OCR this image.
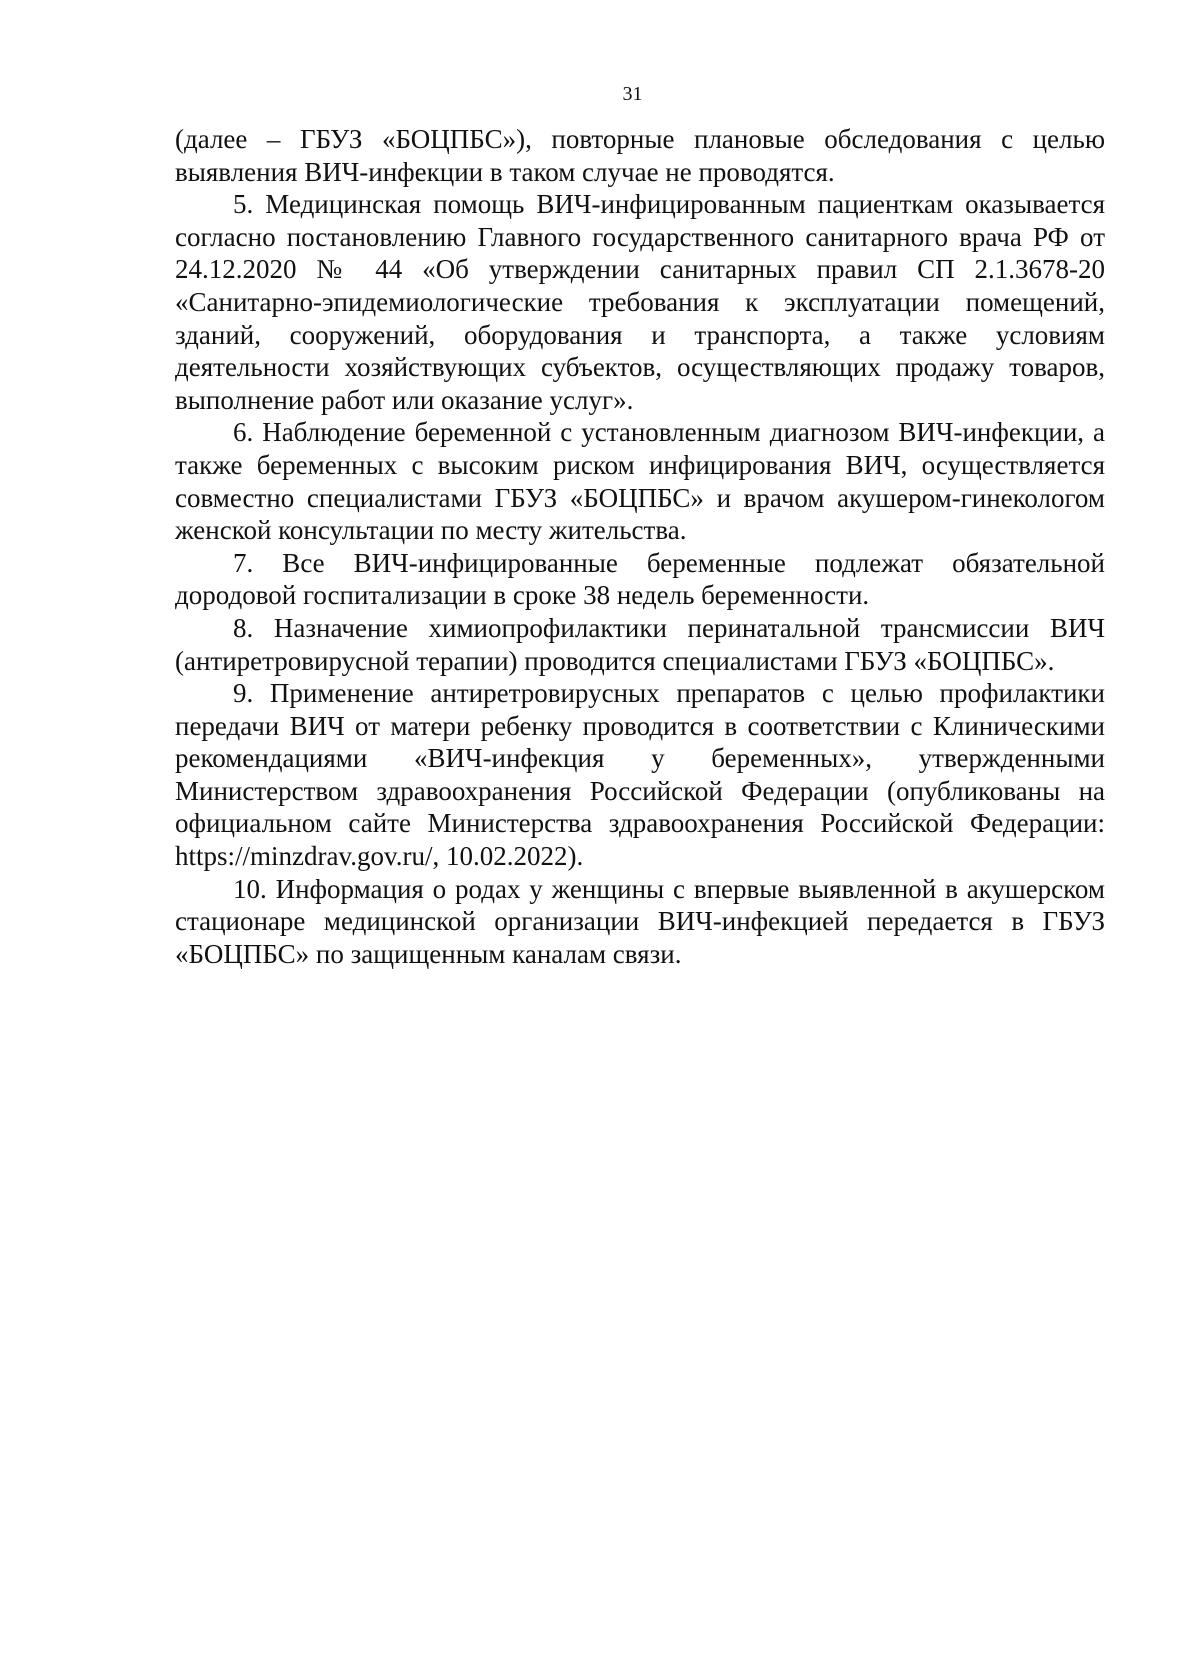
31

(далее – ГБУЗ «БОЦПБС»), повторные плановые обследования с целью выявления ВИЧ-инфекции в таком случае не проводятся.

5. Медицинская помощь ВИЧ-инфицированным пациенткам оказывается согласно постановлению Главного государственного санитарного врача РФ от 24.12.2020 № 44 «Об утверждении санитарных правил СП 2.1.3678-20 «Санитарно-эпидемиологические требования к эксплуатации помещений, зданий, сооружений, оборудования и транспорта, а также условиям деятельности хозяйствующих субъектов, осуществляющих продажу товаров, выполнение работ или оказание услуг».

6. Наблюдение беременной с установленным диагнозом ВИЧ-инфекции, а также беременных с высоким риском инфицирования ВИЧ, осуществляется совместно специалистами ГБУЗ «БОЦПБС» и врачом акушером-гинекологом женской консультации по месту жительства.

7. Все ВИЧ-инфицированные беременные подлежат обязательной дородовой госпитализации в сроке 38 недель беременности.

8. Назначение химиопрофилактики перинатальной трансмиссии ВИЧ (антиретровирусной терапии) проводится специалистами ГБУЗ «БОЦПБС».

9. Применение антиретровирусных препаратов с целью профилактики передачи ВИЧ от матери ребенку проводится в соответствии с Клиническими рекомендациями «ВИЧ-инфекция у беременных», утвержденными Министерством здравоохранения Российской Федерации (опубликованы на официальном сайте Министерства здравоохранения Российской Федерации: https://minzdrav.gov.ru/, 10.02.2022).

10. Информация о родах у женщины с впервые выявленной в акушерском стационаре медицинской организации ВИЧ-инфекцией передается в ГБУЗ «БОЦПБС» по защищенным каналам связи.
